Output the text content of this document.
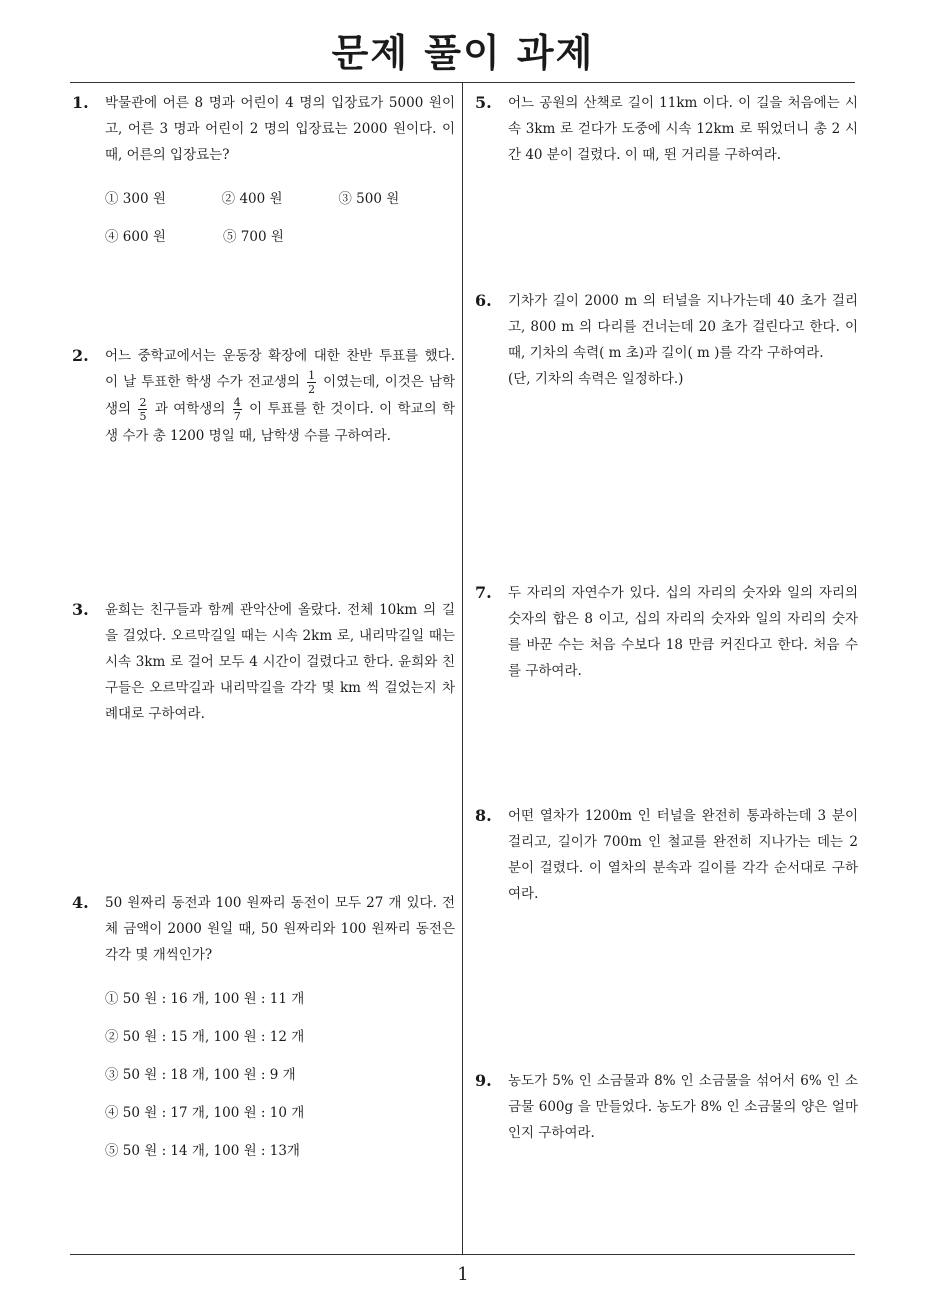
문제 풀이 과제
1. 박물관에 어른 8 명과 어린이 4 명의 입장료가 5000 원이고, 어른 3 명과 어린이 2 명의 입장료는 2000 원이다. 이때, 어른의 입장료는?
① 300 원	② 400 원	③ 500 원
④ 600 원	⑤ 700 원
2. 어느 중학교에서는 운동장 확장에 대한 찬반 투표를 했다. 이 날 투표한 학생 수가 전교생의 $\frac{1}{2}$ 이였는데, 이것은 남학생의 $\frac{2}{5}$ 과 여학생의 $\frac{4}{7}$ 이 투표를 한 것이다. 이 학교의 학생 수가 총 1200 명일 때, 남학생 수를 구하여라.
3. 윤희는 친구들과 함께 관악산에 올랐다. 전체 10km 의 길을 걸었다. 오르막길일 때는 시속 2km 로, 내리막길일 때는 시속 3km 로 걸어 모두 4 시간이 걸렸다고 한다. 윤희와 친구들은 오르막길과 내리막길을 각각 몇 km 씩 걸었는지 차례대로 구하여라.
4. 50 원짜리 동전과 100 원짜리 동전이 모두 27 개 있다. 전체 금액이 2000 원일 때, 50 원짜리와 100 원짜리 동전은 각각 몇 개씩인가?
① 50 원 : 16 개, 100 원 : 11 개
② 50 원 : 15 개, 100 원 : 12 개
③ 50 원 : 18 개, 100 원 : 9 개
④ 50 원 : 17 개, 100 원 : 10 개
⑤ 50 원 : 14 개, 100 원 : 13개
5. 어느 공원의 산책로 길이 11km 이다. 이 길을 처음에는 시속 3km 로 걷다가 도중에 시속 12km 로 뛰었더니 총 2 시간 40 분이 걸렸다. 이 때, 뛴 거리를 구하여라.
6. 기차가 길이 2000 m 의 터널을 지나가는데 40 초가 걸리고, 800 m 의 다리를 건너는데 20 초가 걸린다고 한다. 이때, 기차의 속력( m 초)과 길이( m )를 각각 구하여라.
(단, 기차의 속력은 일정하다.)
7. 두 자리의 자연수가 있다. 십의 자리의 숫자와 일의 자리의 숫자의 합은 8 이고, 십의 자리의 숫자와 일의 자리의 숫자를 바꾼 수는 처음 수보다 18 만큼 커진다고 한다. 처음 수를 구하여라.
8. 어떤 열차가 1200m 인 터널을 완전히 통과하는데 3 분이 걸리고, 길이가 700m 인 철교를 완전히 지나가는 데는 2 분이 걸렸다. 이 열차의 분속과 길이를 각각 순서대로 구하여라.
9. 농도가 5% 인 소금물과 8% 인 소금물을 섞어서 6% 인 소금물 600g 을 만들었다. 농도가 8% 인 소금물의 양은 얼마인지 구하여라.
1
